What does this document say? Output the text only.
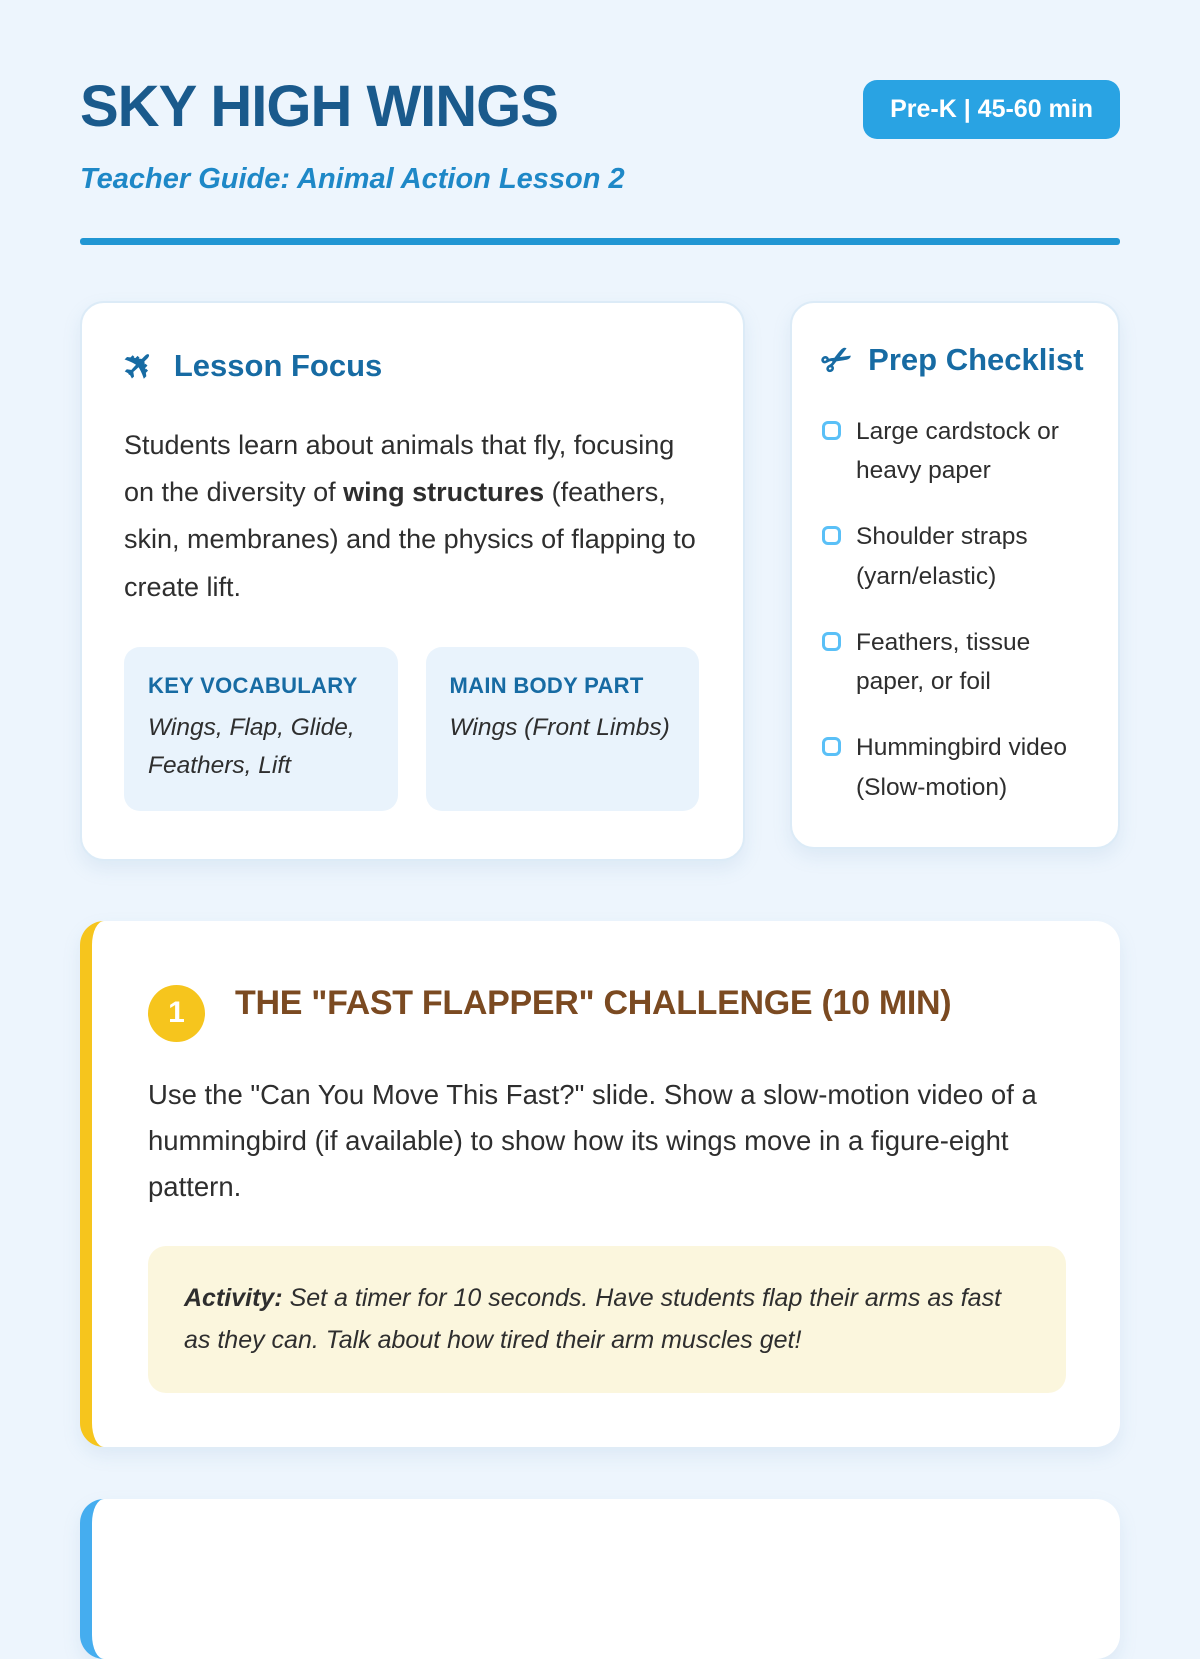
SKY HIGH WINGS	Pre-K | 45-60 min
Teacher Guide: Animal Action Lesson 2
✈ Lesson Focus

Students learn about animals that fly, focusing on the diversity of wing structures (feathers, skin, membranes) and the physics of flapping to create lift.

KEY VOCABULARY
Wings, Flap, Glide, Feathers, Lift
MAIN BODY PART
Wings (Front Limbs)
✂ Prep Checklist
Large cardstock or heavy paper
Shoulder straps (yarn/elastic)
Feathers, tissue paper, or foil
Hummingbird video (Slow-motion)
1	THE "FAST FLAPPER" CHALLENGE (10 MIN)

Use the "Can You Move This Fast?" slide. Show a slow-motion video of a hummingbird (if available) to show how its wings move in a figure-eight pattern.

Activity: Set a timer for 10 seconds. Have students flap their arms as fast as they can. Talk about how tired their arm muscles get!
